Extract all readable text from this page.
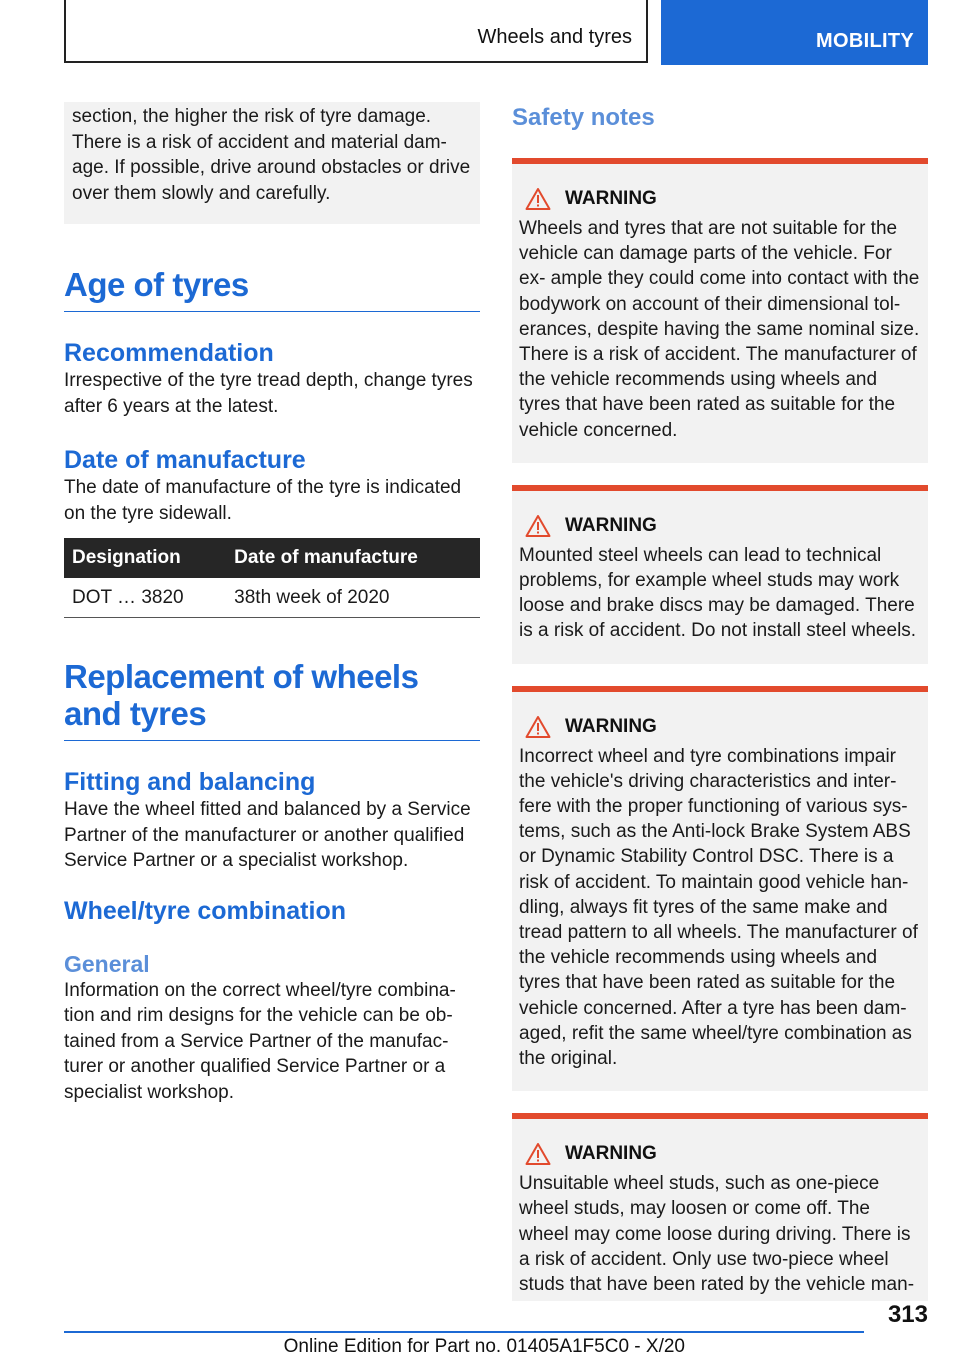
Wheels and tyres	MOBILITY

section, the higher the risk of tyre damage. There is a risk of accident and material dam- age. If possible, drive around obstacles or drive over them slowly and carefully.

Age of tyres
Recommendation

Irrespective of the tyre tread depth, change tyres after 6 years at the latest.

Date of manufacture

The date of manufacture of the tyre is indicated on the tyre sidewall.

Designation	Date of manufacture
DOT … 3820	38th week of 2020
Replacement of wheels and tyres
Fitting and balancing

Have the wheel fitted and balanced by a Service Partner of the manufacturer or another qualified Service Partner or a specialist workshop.

Wheel/tyre combination
General

Information on the correct wheel/tyre combina- tion and rim designs for the vehicle can be ob- tained from a Service Partner of the manufac- turer or another qualified Service Partner or a specialist workshop.

Safety notes
WARNING

Wheels and tyres that are not suitable for the vehicle can damage parts of the vehicle. For ex- ample they could come into contact with the bodywork on account of their dimensional tol- erances, despite having the same nominal size. There is a risk of accident. The manufacturer of the vehicle recommends using wheels and tyres that have been rated as suitable for the vehicle concerned.

WARNING

Mounted steel wheels can lead to technical problems, for example wheel studs may work loose and brake discs may be damaged. There is a risk of accident. Do not install steel wheels.

WARNING

Incorrect wheel and tyre combinations impair the vehicle's driving characteristics and inter- fere with the proper functioning of various sys- tems, such as the Anti-lock Brake System ABS or Dynamic Stability Control DSC. There is a risk of accident. To maintain good vehicle han- dling, always fit tyres of the same make and tread pattern to all wheels. The manufacturer of the vehicle recommends using wheels and tyres that have been rated as suitable for the vehicle concerned. After a tyre has been dam- aged, refit the same wheel/tyre combination as the original.

WARNING

Unsuitable wheel studs, such as one-piece wheel studs, may loosen or come off. The wheel may come loose during driving. There is a risk of accident. Only use two-piece wheel studs that have been rated by the vehicle man-

313
Online Edition for Part no. 01405A1F5C0 - X/20
